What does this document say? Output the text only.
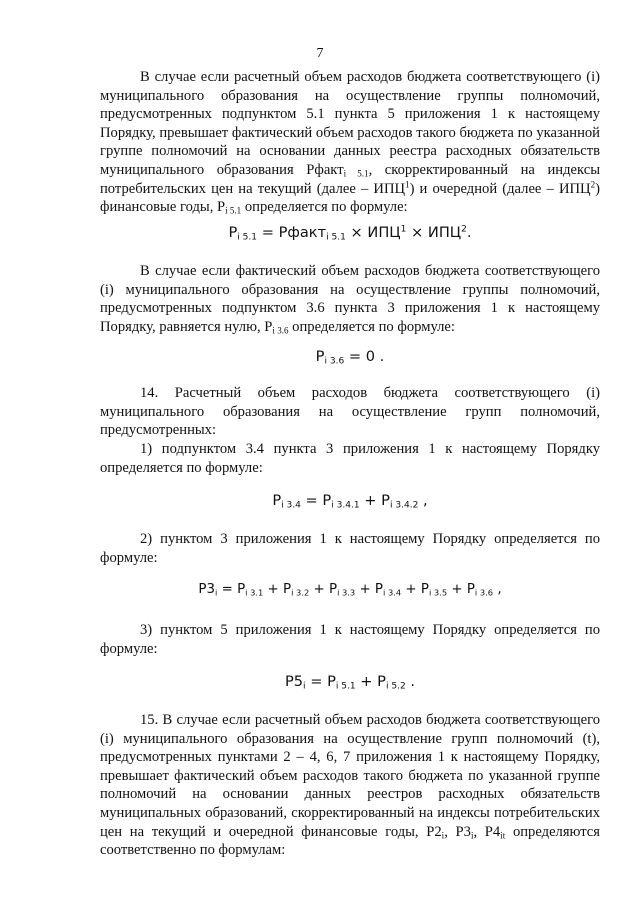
7

В случае если расчетный объем расходов бюджета соответствующего (i) муниципального образования на осуществление группы полномочий, предусмотренных подпунктом 5.1 пункта 5 приложения 1 к настоящему Порядку, превышает фактический объем расходов такого бюджета по указанной группе полномочий на основании данных реестра расходных обязательств муниципального образования Рфакт$_{i 5.1}$, скорректированный на индексы потребительских цен на текущий (далее – ИПЦ$^1$) и очередной (далее – ИПЦ$^2$) финансовые годы, $Р_{i 5.1}$ определяется по формуле:

$P_{i 5.1}$ = Pфакт$_{i 5.1}$ × $ИПЦ^1 \times ИПЦ^2$.

В случае если фактический объем расходов бюджета соответствующего (i) муниципального образования на осуществление группы полномочий, предусмотренных подпунктом 3.6 пункта 3 приложения 1 к настоящему Порядку, равняется нулю, $Р_{i 3.6}$ определяется по формуле:

$P_{i 3.6} = 0$ .

14. Расчетный объем расходов бюджета соответствующего (i) муниципального образования на осуществление групп полномочий, предусмотренных:

1) подпунктом 3.4 пункта 3 приложения 1 к настоящему Порядку определяется по формуле:

$P_{i 3.4} = P_{i 3.4.1} + P_{i 3.4.2}$ ,

2) пунктом 3 приложения 1 к настоящему Порядку определяется по формуле:

$P3_i = P_{i 3.1} + P_{i 3.2} + P_{i 3.3} + P_{i 3.4} + P_{i 3.5} + P_{i 3.6}$ ,

3) пунктом 5 приложения 1 к настоящему Порядку определяется по формуле:

$P5_i = P_{i 5.1} + P_{i 5.2}$ .

15. В случае если расчетный объем расходов бюджета соответствующего (i) муниципального образования на осуществление групп полномочий (t), предусмотренных пунктами 2 – 4, 6, 7 приложения 1 к настоящему Порядку, превышает фактический объем расходов такого бюджета по указанной группе полномочий на основании данных реестров расходных обязательств муниципальных образований, скорректированный на индексы потребительских цен на текущий и очередной финансовые годы, $Р2_i$, $Р3_i$, $Р4_{it}$ определяются соответственно по формулам:
